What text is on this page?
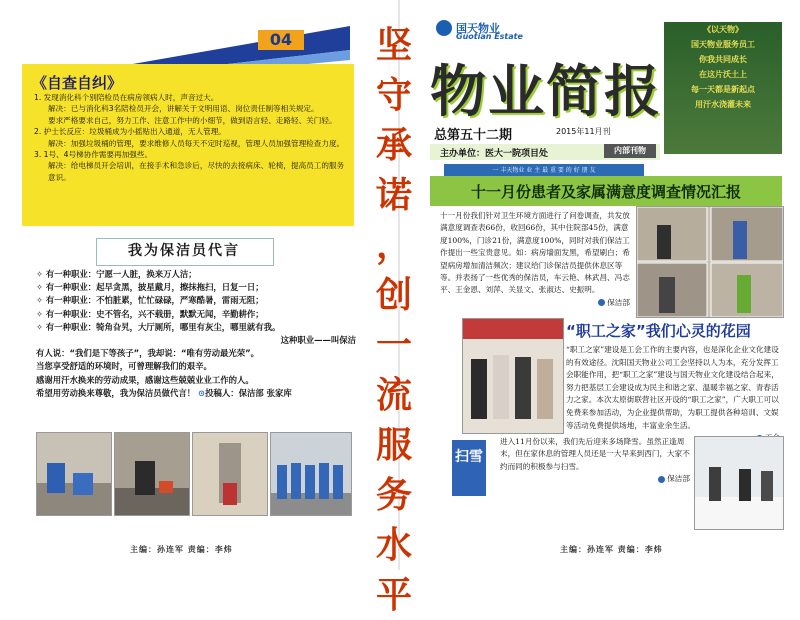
04
《自查自纠》

1. 发现消化科个别陪检员在病房领病人时，声音过大。

解决：已与消化科3名陪检员开会，讲解关于文明用语、岗位责任制等相关规定。

要求严格要求自己，努力工作、注意工作中的小细节，做到语言轻、走路轻、关门轻。

2. 护士长反应：垃圾桶成为小摇贴出入通道，无人管理。

解决：加强垃圾桶的管理，要求维修人员每天不定时巡视，管理人员加强管理检查力度。

3. 1号、4号梯协作需要再加强些。

解决：给电梯员开会培训，在接手术和急诊后，尽快的去接病床、轮椅，提高员工的服务意识。

我为保洁员代言

✧ 有一种职业：宁愿一人脏，换来万人洁；

✧ 有一种职业：起早贪黑，披星戴月，擦抹拖扫，日复一日；

✧ 有一种职业：不怕脏累，忙忙碌碌，严寒酷暑，雷雨无阻；

✧ 有一种职业：史不管名，兴不载册，默默无闻，辛勤耕作；

✧ 有一种职业：犄角旮旯，大厅厕所，哪里有灰尘，哪里就有我。

这种职业——叫保洁

有人说：“我们是下等孩子”，我却说：“唯有劳动最光荣”。

当您享受舒适的环境时，可曾理解我们的艰辛。

感谢用汗水换来的劳动成果，感谢这些兢兢业业工作的人。

希望用劳动换来尊敬，我为保洁员做代言！ ⊙投稿人：保洁部 张家库

主编：孙连军 责编：李炜
坚
守
承
诺
，
创
一
流
服
务
水
平
国天物业
Guotian Estate
物业简报
《以天物》
国天物业服务员工
你我共同成长
在这片沃土上
每一天都是新起点
用汗水浇灌未来
总第五十二期	2015年11月刊
主办单位：医大一院项目处	内部刊物
一 丰天物业 业 主 最 重 要 的 好 朋 友
十一月份患者及家属满意度调查情况汇报

十一月份我们针对卫生环境方面进行了问卷调查，共发放满意度调查表66份，收回66份，其中住院部45份，满意度100%，门诊21份，满意度100%，同时对我们保洁工作提出一些宝贵意见。如：病房墙面发黑，希望刷白；希望病房增加清洁频次；建议给门诊保洁员提供休息区等等。并表扬了一些优秀的保洁员，车云艳、林武昌、冯志平、王金恩、刘萍、关显文、张淑达、史振明。

保洁部

“职工之家”我们心灵的花园

“职工之家”建设是工会工作的主要内容，也是深化企业文化建设的有效途径。沈阳国天物业公司工会坚持以人为本，充分发挥工会职能作用，把“职工之家”建设与国天物业文化建设结合起来，努力把基层工会建设成为民主和谐之家、温暖幸福之家、青春活力之家。本次太原街联营社区开设的“职工之家”，广大职工可以免费来参加活动，为企业提供帮助，为职工提供各种培训、文娱等活动免费提供场地，丰富业余生活。

扫雪

进入11月份以来，我们先后迎来多场降雪。虽然正逢周末，但在家休息的管理人员还是一大早来到西门，大家不约而同的积极参与扫雪。

保洁部

主编：孙连军 责编：李炜
